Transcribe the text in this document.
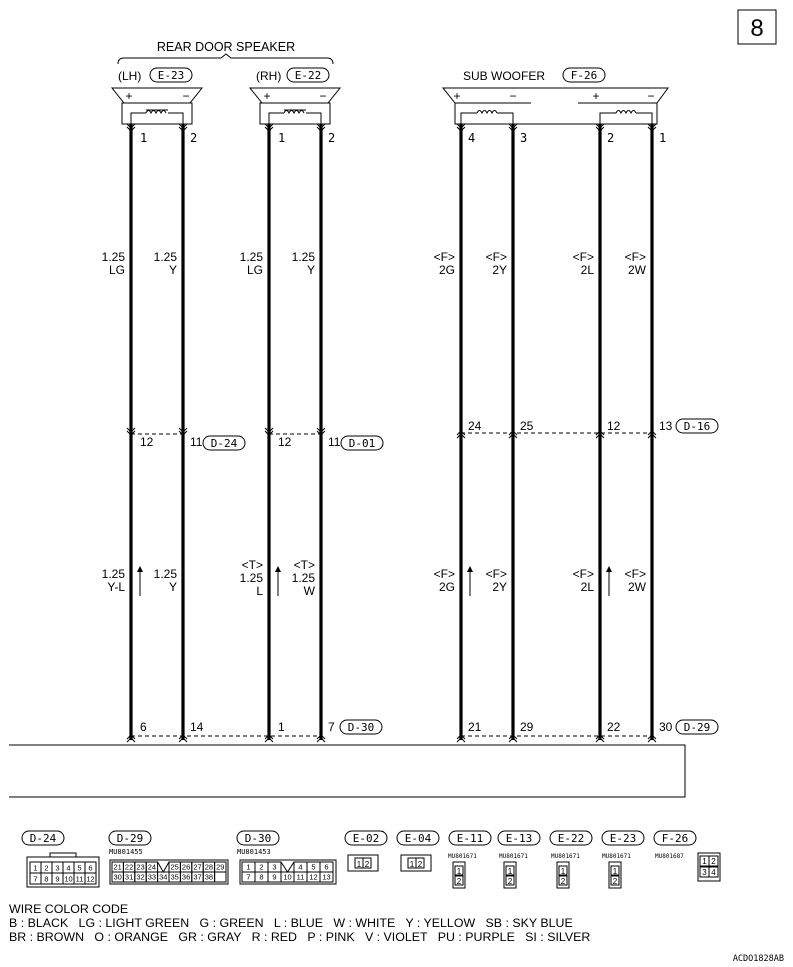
8
REAR DOOR SPEAKER
(LH) E-23	(RH) E-22
+	−	+	−
SUB WOOFER F-26
+	−	+	−
1	2	1	2	4	3	2	1
1.25
LG
1.25
Y
1.25
LG
1.25
Y
<F>
2G
<F>
2Y
<F>
2L
<F>
2W
12	11	12	11
24	25	12	13
D-24	D-01
D-16
1.25
Y-L
1.25
Y
<T>
1.25
L
<T>
1.25
W
<F>
2G
<F>
2Y
<F>
2L
<F>
2W
6	14	1	7	21	29	22	30
D-30	D-29
D-24
1 2 3 4 5 6
7 8 9 10 11 12
D-29
MU801455
21 22 23 24 25 26 27 28 29
30 31 32 33 34 35 36 37 38
D-30
MU801453
1 2 3	4 5 6
7 8 9 10 11 12 13
E-02
1 2
E-04
1 2
E-11
MU801671
1
2
E-13
MU801671
1
2
E-22
MU801671
1
2
E-23
MU801671
1
2
F-26
MU801687
1 2
3 4
ACDO1828AB
WIRE COLOR CODE
B : BLACK   LG : LIGHT GREEN   G : GREEN   L : BLUE   W : WHITE   Y : YELLOW   SB : SKY BLUE
BR : BROWN   O : ORANGE   GR : GRAY   R : RED   P : PINK   V : VIOLET   PU : PURPLE   SI : SILVER
